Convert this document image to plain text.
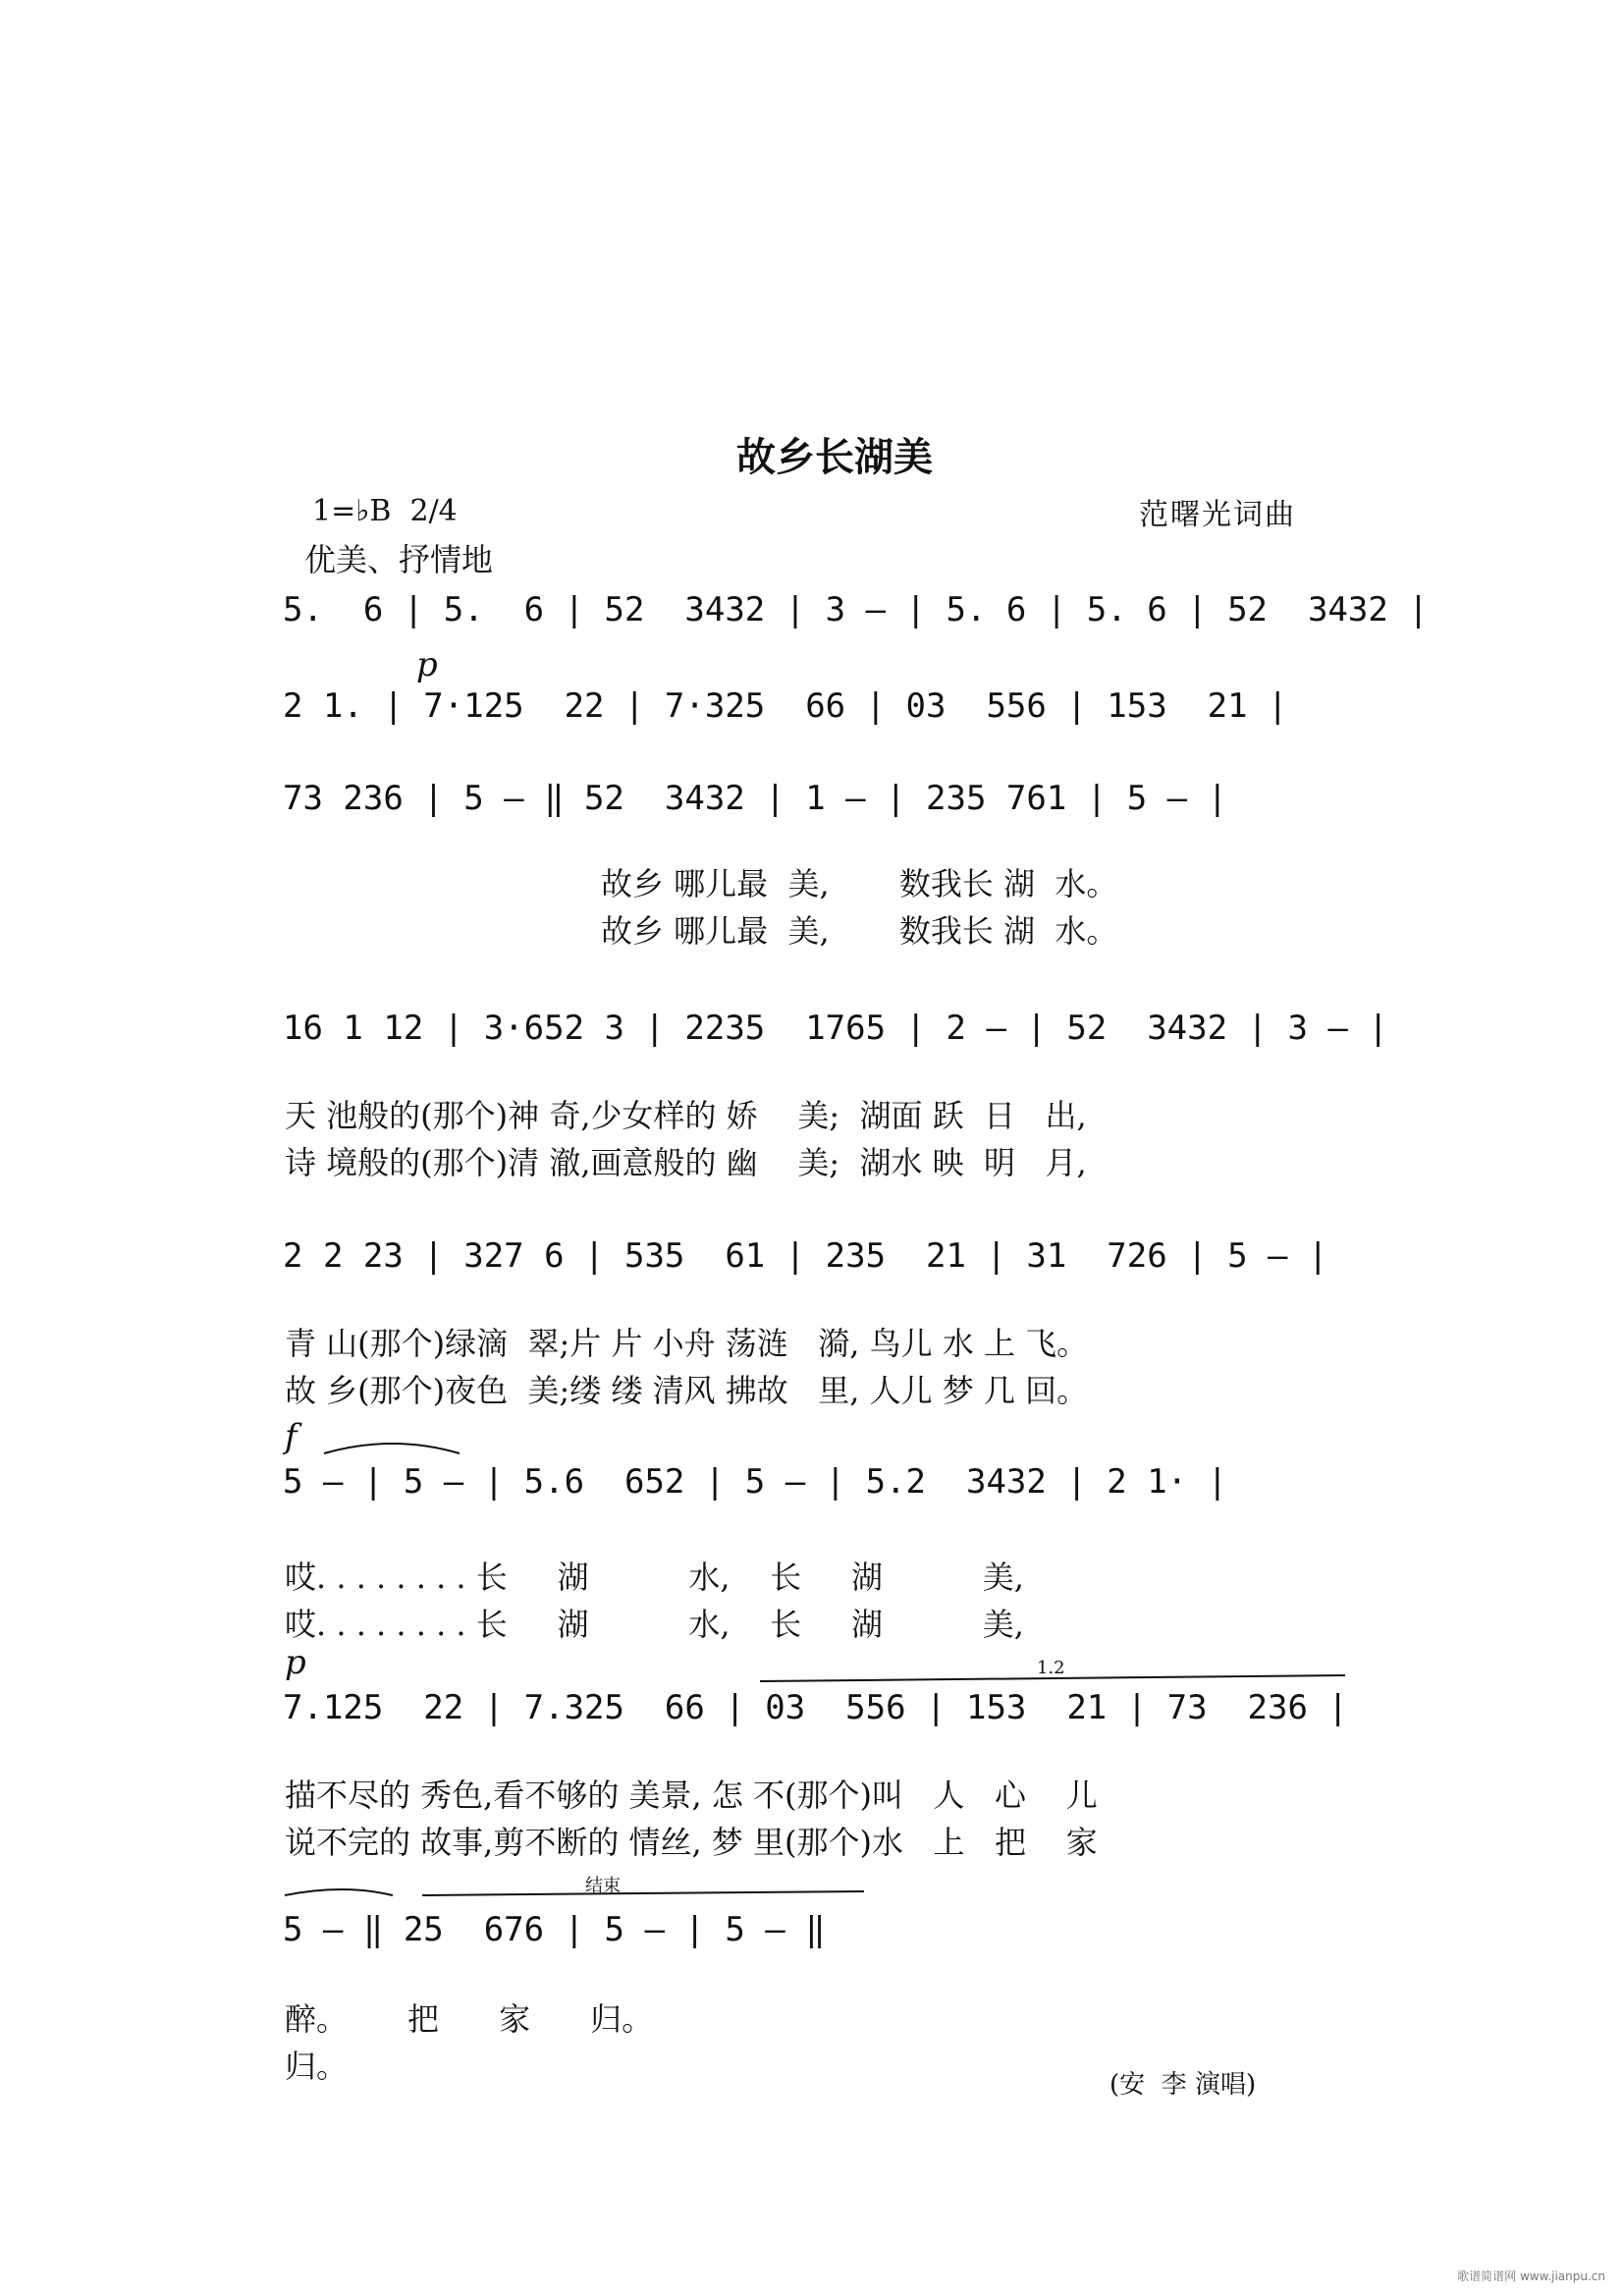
故乡长湖美
1=♭B  2/4	范曙光词曲
优美、抒情地
5.  6 | 5.  6 | 52  3432 | 3 — | 5. 6 | 5. 6 | 52  3432 |
p
2 1. | 7·125  22 | 7·325  66 | 03  556 | 153  21 |
73 236 | 5 — ‖ 52  3432 | 1 — | 235 761 | 5 — |
故乡 哪儿最  美,       数我长 湖  水。
故乡 哪儿最  美,       数我长 湖  水。
16 1 12 | 3·652 3 | 2235  1765 | 2 — | 52  3432 | 3 — |
天 池般的(那个)神 奇,少女样的 娇    美;  湖面 跃  日   出,
诗 境般的(那个)清 澈,画意般的 幽    美;  湖水 映  明   月,
2 2 23 | 327 6 | 535  61 | 235  21 | 31  726 | 5 — |
青 山(那个)绿滴  翠;片 片 小舟 荡涟   漪, 鸟儿 水 上 飞。
故 乡(那个)夜色  美;缕 缕 清风 拂故   里, 人儿 梦 几 回。
f
5 — | 5 — | 5.6  652 | 5 — | 5.2  3432 | 2 1· |
哎. . . . . . . . 长     湖          水,    长     湖          美,
哎. . . . . . . . 长     湖          水,    长     湖          美,
p	1.2
7.125  22 | 7.325  66 | 03  556 | 153  21 | 73  236 |
描不尽的 秀色,看不够的 美景, 怎 不(那个)叫   人   心    儿
说不完的 故事,剪不断的 情丝, 梦 里(那个)水   上   把    家
结束
5 — ‖ 25  676 | 5 — | 5 — ‖
醉。      把      家      归。
归。	(安  李 演唱)
歌谱简谱网 www.jianpu.cn
